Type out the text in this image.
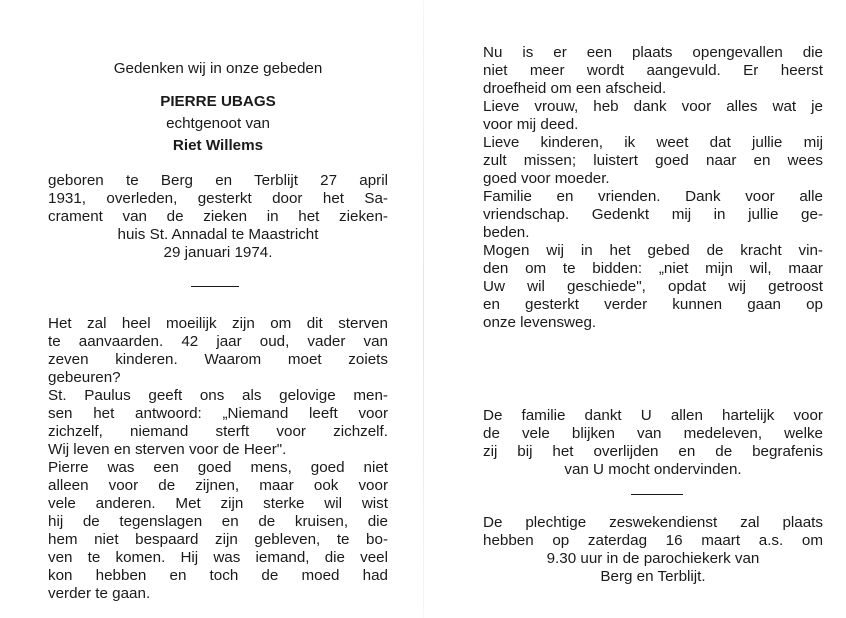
Gedenken wij in onze gebeden
PIERRE UBAGS
echtgenoot van
Riet Willems
geboren te Berg en Terblijt 27 april
1931, overleden, gesterkt door het Sa-
crament van de zieken in het zieken-
huis St. Annadal te Maastricht
29 januari 1974.
Het zal heel moeilijk zijn om dit sterven
te aanvaarden. 42 jaar oud, vader van
zeven kinderen. Waarom moet zoiets
gebeuren?
St. Paulus geeft ons als gelovige men-
sen het antwoord: „Niemand leeft voor
zichzelf, niemand sterft voor zichzelf.
Wij leven en sterven voor de Heer".
Pierre was een goed mens, goed niet
alleen voor de zijnen, maar ook voor
vele anderen. Met zijn sterke wil wist
hij de tegenslagen en de kruisen, die
hem niet bespaard zijn gebleven, te bo-
ven te komen. Hij was iemand, die veel
kon hebben en toch de moed had
verder te gaan.
Nu is er een plaats opengevallen die
niet meer wordt aangevuld. Er heerst
droefheid om een afscheid.
Lieve vrouw, heb dank voor alles wat je
voor mij deed.
Lieve kinderen, ik weet dat jullie mij
zult missen; luistert goed naar en wees
goed voor moeder.
Familie en vrienden. Dank voor alle
vriendschap. Gedenkt mij in jullie ge-
beden.
Mogen wij in het gebed de kracht vin-
den om te bidden: „niet mijn wil, maar
Uw wil geschiede", opdat wij getroost
en gesterkt verder kunnen gaan op
onze levensweg.
De familie dankt U allen hartelijk voor
de vele blijken van medeleven, welke
zij bij het overlijden en de begrafenis
van U mocht ondervinden.
De plechtige zeswekendienst zal plaats
hebben op zaterdag 16 maart a.s. om
9.30 uur in de parochiekerk van
Berg en Terblijt.
